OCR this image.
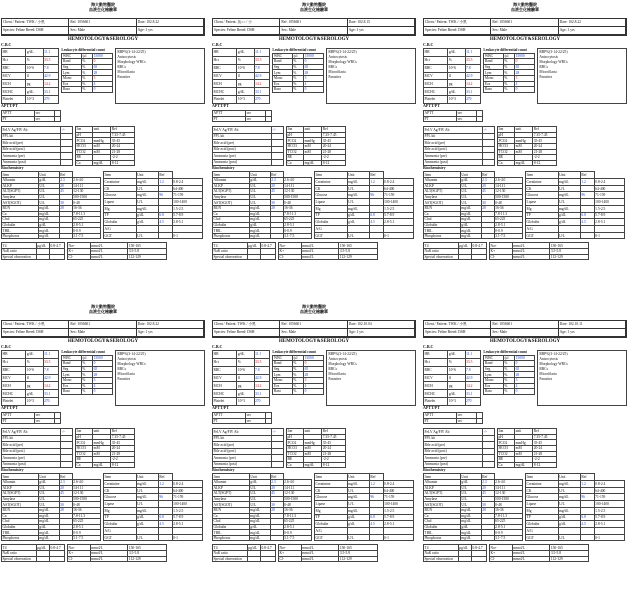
海大動物醫院
血液生化檢驗單
Client / Patient: TWK / 小黑	Ref: 1056601	Date: 102.8.22
Species: Feline Breed: DSH	Sex: Male	Age: 1 yrs
HEMOTOLOGY&SEROLOGY
C.B.C
HB	g/dL	11.1
Hct	%	33.5
RBC	10^6	7.8
MCV	fl	42.9
MCH	pg	14.2
MCHC	g/dL	33.1
Platelet	10^3	270
Leukocyte differential count
WBC	/µl	15000
Band	%	0
Seg	%	65
Lym	%	28
Mono	%	3
Eos	%	4
Baso	%	0
RBP%(3-14-22/25)
Anisocytosis
Morphology WBCs
RBCs
Microfilaria
Parasites
APTT/PT
APTT	sec	
PT	sec	
FeLV Ag/FIV Ab	-/-
FPL kit	
Bile acid (pre)	
Bile acid (post)	
Ammonia (pre)	
Ammonia (post)	
Ion	unit	Ref
pH		7.35-7.45
PCO2	mmHg	35-45
HCO3	mM	20-24
TCO2	mM	21-28
BE		-2-2
Ca	mg/dL	8-12
Biochemistry
Item	Unit	Ref	
Albumin	g/dL	2.3	2.6-4.0
ALKP	U/L	20	14-111
ALT(SGPT)	U/L	45	12-130
Amylase	U/L		500-1500
AST(SGOT)	U/L	30	0-48
BUN	mg/dL	28	16-36
Ca	mg/dL		7.8-11.3
Chol	mg/dL		65-225
Globulin	g/dL		2.8-5.1
TBIL	mg/dL		0-0.9
Phosphorus	mg/dL		3.1-7.5
Item	Unit	Ref	
Creatinine	mg/dL	1.2	0.8-2.4
CK	U/L		64-400
Glucose	mg/dL	96	71-159
Lipase	U/L		100-1400
Mg	mg/dL		1.5-2.5
TP	g/dL	6.8	5.7-8.9
Globulin	g/dL	4.5	2.8-5.1
A/G			
GGT	U/L		0-1
T4	µg/dL	0.8-4.7
NaK ratio		
Special observation		
Na+	mmol/L	150-165
K+	mmol/L	3.5-5.8
Cl-	mmol/L	112-129
海大動物醫院
血液生化檢驗單
Client / Patient: 吳○○ / 小	Ref: 1056601	Date: 102.8.15
Species: Feline Breed: DSH	Sex: Male	Age: 1 yrs
HEMOTOLOGY&SEROLOGY
C.B.C
HB	g/dL	11.1
Hct	%	33.5
RBC	10^6	7.8
MCV	fl	42.9
MCH	pg	14.2
MCHC	g/dL	33.1
Platelet	10^3	270
Leukocyte differential count
WBC	/µl	15000
Band	%	0
Seg	%	65
Lym	%	28
Mono	%	3
Eos	%	4
Baso	%	0
RBP%(3-14-22/25)
Anisocytosis
Morphology WBCs
RBCs
Microfilaria
Parasites
APTT/PT
APTT	sec	
PT	sec	
FeLV Ag/FIV Ab	-/-
FPL kit	
Bile acid (pre)	
Bile acid (post)	
Ammonia (pre)	
Ammonia (post)	
Ion	unit	Ref
pH		7.35-7.45
PCO2	mmHg	35-45
HCO3	mM	20-24
TCO2	mM	21-28
BE		-2-2
Ca	mg/dL	8-12
Biochemistry
Item	Unit	Ref	
Albumin	g/dL	2.3	2.6-4.0
ALKP	U/L	20	14-111
ALT(SGPT)	U/L	45	12-130
Amylase	U/L		500-1500
AST(SGOT)	U/L	30	0-48
BUN	mg/dL	28	16-36
Ca	mg/dL		7.8-11.3
Chol	mg/dL		65-225
Globulin	g/dL		2.8-5.1
TBIL	mg/dL		0-0.9
Phosphorus	mg/dL		3.1-7.5
Item	Unit	Ref	
Creatinine	mg/dL	1.2	0.8-2.4
CK	U/L		64-400
Glucose	mg/dL	96	71-159
Lipase	U/L		100-1400
Mg	mg/dL		1.5-2.5
TP	g/dL	6.8	5.7-8.9
Globulin	g/dL	4.5	2.8-5.1
A/G			
GGT	U/L		0-1
T4	µg/dL	0.8-4.7
NaK ratio		
Special observation		
Na+	mmol/L	150-165
K+	mmol/L	3.5-5.8
Cl-	mmol/L	112-129
海大動物醫院
血液生化檢驗單
Client / Patient: TWK / 小黑	Ref: 1056601	Date: 102.8.22
Species: Feline Breed: DSH	Sex: Male	Age: 1 yrs
HEMOTOLOGY&SEROLOGY
C.B.C
HB	g/dL	11.1
Hct	%	33.5
RBC	10^6	7.8
MCV	fl	42.9
MCH	pg	14.2
MCHC	g/dL	33.1
Platelet	10^3	270
Leukocyte differential count
WBC	/µl	15000
Band	%	0
Seg	%	65
Lym	%	28
Mono	%	3
Eos	%	4
Baso	%	0
RBP%(3-14-22/25)
Anisocytosis
Morphology WBCs
RBCs
Microfilaria
Parasites
APTT/PT
APTT	sec	
PT	sec	
FeLV Ag/FIV Ab	-/-
FPL kit	
Bile acid (pre)	
Bile acid (post)	
Ammonia (pre)	
Ammonia (post)	
Ion	unit	Ref
pH		7.35-7.45
PCO2	mmHg	35-45
HCO3	mM	20-24
TCO2	mM	21-28
BE		-2-2
Ca	mg/dL	8-12
Biochemistry
Item	Unit	Ref	
Albumin	g/dL	2.3	2.6-4.0
ALKP	U/L	20	14-111
ALT(SGPT)	U/L	45	12-130
Amylase	U/L		500-1500
AST(SGOT)	U/L	30	0-48
BUN	mg/dL	28	16-36
Ca	mg/dL		7.8-11.3
Chol	mg/dL		65-225
Globulin	g/dL		2.8-5.1
TBIL	mg/dL		0-0.9
Phosphorus	mg/dL		3.1-7.5
Item	Unit	Ref	
Creatinine	mg/dL	1.2	0.8-2.4
CK	U/L		64-400
Glucose	mg/dL	96	71-159
Lipase	U/L		100-1400
Mg	mg/dL		1.5-2.5
TP	g/dL	6.8	5.7-8.9
Globulin	g/dL	4.5	2.8-5.1
A/G			
GGT	U/L		0-1
T4	µg/dL	0.8-4.7
NaK ratio		
Special observation		
Na+	mmol/L	150-165
K+	mmol/L	3.5-5.8
Cl-	mmol/L	112-129
海大動物醫院
血液生化檢驗單
Client / Patient: TWK / 小黑	Ref: 1056601	Date: 102.8.22
Species: Feline Breed: DSH	Sex: Male	Age: 1 yrs
HEMOTOLOGY&SEROLOGY
C.B.C
HB	g/dL	11.1
Hct	%	33.5
RBC	10^6	7.8
MCV	fl	42.9
MCH	pg	14.2
MCHC	g/dL	33.1
Platelet	10^3	270
Leukocyte differential count
WBC	/µl	15000
Band	%	0
Seg	%	65
Lym	%	28
Mono	%	3
Eos	%	4
Baso	%	0
RBP%(3-14-22/25)
Anisocytosis
Morphology WBCs
RBCs
Microfilaria
Parasites
APTT/PT
APTT	sec	
PT	sec	
FeLV Ag/FIV Ab	-/-
FPL kit	
Bile acid (pre)	
Bile acid (post)	
Ammonia (pre)	
Ammonia (post)	
Ion	unit	Ref
pH		7.35-7.45
PCO2	mmHg	35-45
HCO3	mM	20-24
TCO2	mM	21-28
BE		-2-2
Ca	mg/dL	8-12
Biochemistry
Item	Unit	Ref	
Albumin	g/dL	2.3	2.6-4.0
ALKP	U/L	20	14-111
ALT(SGPT)	U/L	45	12-130
Amylase	U/L		500-1500
AST(SGOT)	U/L	30	0-48
BUN	mg/dL	28	16-36
Ca	mg/dL		7.8-11.3
Chol	mg/dL		65-225
Globulin	g/dL		2.8-5.1
TBIL	mg/dL		0-0.9
Phosphorus	mg/dL		3.1-7.5
Item	Unit	Ref	
Creatinine	mg/dL	1.2	0.8-2.4
CK	U/L		64-400
Glucose	mg/dL	96	71-159
Lipase	U/L		100-1400
Mg	mg/dL		1.5-2.5
TP	g/dL	6.8	5.7-8.9
Globulin	g/dL	4.5	2.8-5.1
A/G			
GGT	U/L		0-1
T4	µg/dL	0.8-4.7
NaK ratio		
Special observation		
Na+	mmol/L	150-165
K+	mmol/L	3.5-5.8
Cl-	mmol/L	112-129
海大動物醫院
血液生化檢驗單
Client / Patient: TWK / 小黑	Ref: 1056601	Date: 102.10.04
Species: Feline Breed: DSH	Sex: Male	Age: 1 yrs
HEMOTOLOGY&SEROLOGY
C.B.C
HB	g/dL	11.1
Hct	%	33.5
RBC	10^6	7.8
MCV	fl	42.9
MCH	pg	14.2
MCHC	g/dL	33.1
Platelet	10^3	270
Leukocyte differential count
WBC	/µl	15000
Band	%	0
Seg	%	65
Lym	%	28
Mono	%	3
Eos	%	4
Baso	%	0
RBP%(3-14-22/25)
Anisocytosis
Morphology WBCs
RBCs
Microfilaria
Parasites
APTT/PT
APTT	sec	
PT	sec	
FeLV Ag/FIV Ab	-/-
FPL kit	
Bile acid (pre)	
Bile acid (post)	
Ammonia (pre)	
Ammonia (post)	
Ion	unit	Ref
pH		7.35-7.45
PCO2	mmHg	35-45
HCO3	mM	20-24
TCO2	mM	21-28
BE		-2-2
Ca	mg/dL	8-12
Biochemistry
Item	Unit	Ref	
Albumin	g/dL	2.3	2.6-4.0
ALKP	U/L	20	14-111
ALT(SGPT)	U/L	45	12-130
Amylase	U/L		500-1500
AST(SGOT)	U/L	30	0-48
BUN	mg/dL	28	16-36
Ca	mg/dL		7.8-11.3
Chol	mg/dL		65-225
Globulin	g/dL		2.8-5.1
TBIL	mg/dL		0-0.9
Phosphorus	mg/dL		3.1-7.5
Item	Unit	Ref	
Creatinine	mg/dL	1.2	0.8-2.4
CK	U/L		64-400
Glucose	mg/dL	96	71-159
Lipase	U/L		100-1400
Mg	mg/dL		1.5-2.5
TP	g/dL	6.8	5.7-8.9
Globulin	g/dL	4.5	2.8-5.1
A/G			
GGT	U/L		0-1
T4	µg/dL	0.8-4.7
NaK ratio		
Special observation		
Na+	mmol/L	150-165
K+	mmol/L	3.5-5.8
Cl-	mmol/L	112-129
Client / Patient: TWK / 小黑	Ref: 1056601	Date: 102.10.11
Species: Feline Breed: DSH	Sex: Male	Age: 1 yrs
HEMOTOLOGY&SEROLOGY
C.B.C
HB	g/dL	11.1
Hct	%	33.5
RBC	10^6	7.8
MCV	fl	42.9
MCH	pg	14.2
MCHC	g/dL	33.1
Platelet	10^3	270
Leukocyte differential count
WBC	/µl	15000
Band	%	0
Seg	%	65
Lym	%	28
Mono	%	3
Eos	%	4
Baso	%	0
RBP%(3-14-22/25)
Anisocytosis
Morphology WBCs
RBCs
Microfilaria
Parasites
APTT/PT
APTT	sec	
PT	sec	
FeLV Ag/FIV Ab	-/-
FPL kit	
Bile acid (pre)	
Bile acid (post)	
Ammonia (pre)	
Ammonia (post)	
Ion	unit	Ref
pH		7.35-7.45
PCO2	mmHg	35-45
HCO3	mM	20-24
TCO2	mM	21-28
BE		-2-2
Ca	mg/dL	8-12
Biochemistry
Item	Unit	Ref	
Albumin	g/dL	2.3	2.6-4.0
ALKP	U/L	20	14-111
ALT(SGPT)	U/L	45	12-130
Amylase	U/L		500-1500
AST(SGOT)	U/L	30	0-48
BUN	mg/dL	28	16-36
Ca	mg/dL		7.8-11.3
Chol	mg/dL		65-225
Globulin	g/dL		2.8-5.1
TBIL	mg/dL		0-0.9
Phosphorus	mg/dL		3.1-7.5
Item	Unit	Ref	
Creatinine	mg/dL	1.2	0.8-2.4
CK	U/L		64-400
Glucose	mg/dL	96	71-159
Lipase	U/L		100-1400
Mg	mg/dL		1.5-2.5
TP	g/dL	6.8	5.7-8.9
Globulin	g/dL	4.5	2.8-5.1
A/G			
GGT	U/L		0-1
T4	µg/dL	0.8-4.7
NaK ratio		
Special observation		
Na+	mmol/L	150-165
K+	mmol/L	3.5-5.8
Cl-	mmol/L	112-129
